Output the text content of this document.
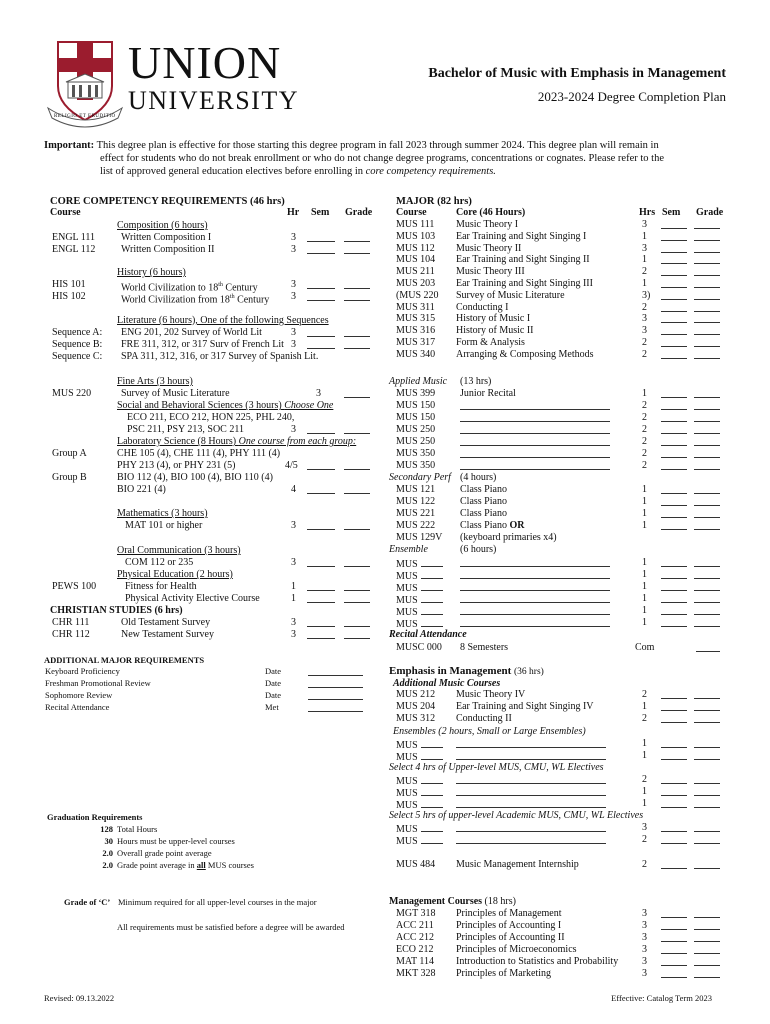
RELIGIO ET ERUDITIO
UNION
UNIVERSITY
Bachelor of Music with Emphasis in Management
2023-2024 Degree Completion Plan
Important: This degree plan is effective for those starting this degree program in fall 2023 through summer 2024. This degree plan will remain in
effect for students who do not break enrollment or who do not change degree programs, concentrations or cognates. Please refer to the
list of approved general education electives before enrolling in core competency requirements.
CORE COMPETENCY REQUIREMENTS (46 hrs)
Course	Hr Sem Grade
Composition (6 hours)
ENGL 111	Written Composition I	3
ENGL 112	Written Composition II	3
History (6 hours)
HIS 101	World Civilization to 18th Century	3
HIS 102	World Civilization from 18th Century 3
Literature (6 hours), One of the following Sequences
Sequence A: ENG 201, 202 Survey of World Lit	3
Sequence B: FRE 311, 312, or 317 Surv of French Lit 3
Sequence C: SPA 311, 312, 316, or 317 Survey of Spanish Lit.
Fine Arts (3 hours)
MUS 220	Survey of Music Literature	3
Social and Behavioral Sciences (3 hours) Choose One
ECO 211, ECO 212, HON 225, PHL 240,
PSC 211, PSY 213, SOC 211	3
Laboratory Science (8 Hours) One course from each group:
Group A	CHE 105 (4), CHE 111 (4), PHY 111 (4)
PHY 213 (4), or PHY 231 (5)	4/5
Group B	BIO 112 (4), BIO 100 (4), BIO 110 (4)
BIO 221 (4)	4
Mathematics (3 hours)
MAT 101 or higher	3
Oral Communication (3 hours)
COM 112 or 235	3
Physical Education (2 hours)
PEWS 100	Fitness for Health	1
Physical Activity Elective Course	1
CHRISTIAN STUDIES (6 hrs)
CHR 111	Old Testament Survey	3
CHR 112	New Testament Survey	3
ADDITIONAL MAJOR REQUIREMENTS
Keyboard Proficiency	Date
Freshman Promotional Review	Date
Sophomore Review	Date
Recital Attendance	Met
Graduation Requirements
128 Total Hours
30 Hours must be upper-level courses
2.0 Overall grade point average
2.0 Grade point average in all MUS courses
Grade of ‘C’ Minimum required for all upper-level courses in the major
All requirements must be satisfied before a degree will be awarded
MAJOR (82 hrs)
Course	Core (46 Hours)	Hrs Sem Grade
MUS 111 Music Theory I	3
MUS 103 Ear Training and Sight Singing I	1
MUS 112 Music Theory II	3
MUS 104 Ear Training and Sight Singing II	1
MUS 211 Music Theory III	2
MUS 203 Ear Training and Sight Singing III	1
(MUS 220 Survey of Music Literature	3)
MUS 311 Conducting I	2
MUS 315 History of Music I	3
MUS 316 History of Music II	3
MUS 317 Form & Analysis	2
MUS 340 Arranging & Composing Methods	2
Applied Music (13 hrs)
MUS 399 Junior Recital	1
MUS 150	2
MUS 150	2
MUS 250	2
MUS 250	2
MUS 350	2
MUS 350	2
Secondary Perf (4 hours)
MUS 121 Class Piano	1
MUS 122 Class Piano	1
MUS 221 Class Piano	1
MUS 222 Class Piano OR	1
MUS 129V (keyboard primaries x4)
Ensemble	(6 hours)
MUS	1
MUS	1
MUS	1
MUS	1
MUS	1
MUS	1
Recital Attendance
MUSC 000 8 Semesters	Com
Emphasis in Management (36 hrs)
Additional Music Courses
MUS 212 Music Theory IV	2
MUS 204 Ear Training and Sight Singing IV	1
MUS 312 Conducting II	2
Ensembles (2 hours, Small or Large Ensembles)
MUS	1
MUS	1
Select 4 hrs of Upper-level MUS, CMU, WL Electives
MUS	2
MUS	1
MUS	1
Select 5 hrs of upper-level Academic MUS, CMU, WL Electives
MUS	3
MUS	2
MUS 484 Music Management Internship	2
Management Courses (18 hrs)
MGT 318 Principles of Management	3
ACC 211 Principles of Accounting I	3
ACC 212 Principles of Accounting II	3
ECO 212 Principles of Microeconomics	3
MAT 114 Introduction to Statistics and Probability 3
MKT 328 Principles of Marketing	3
Revised: 09.13.2022	Effective: Catalog Term 2023
